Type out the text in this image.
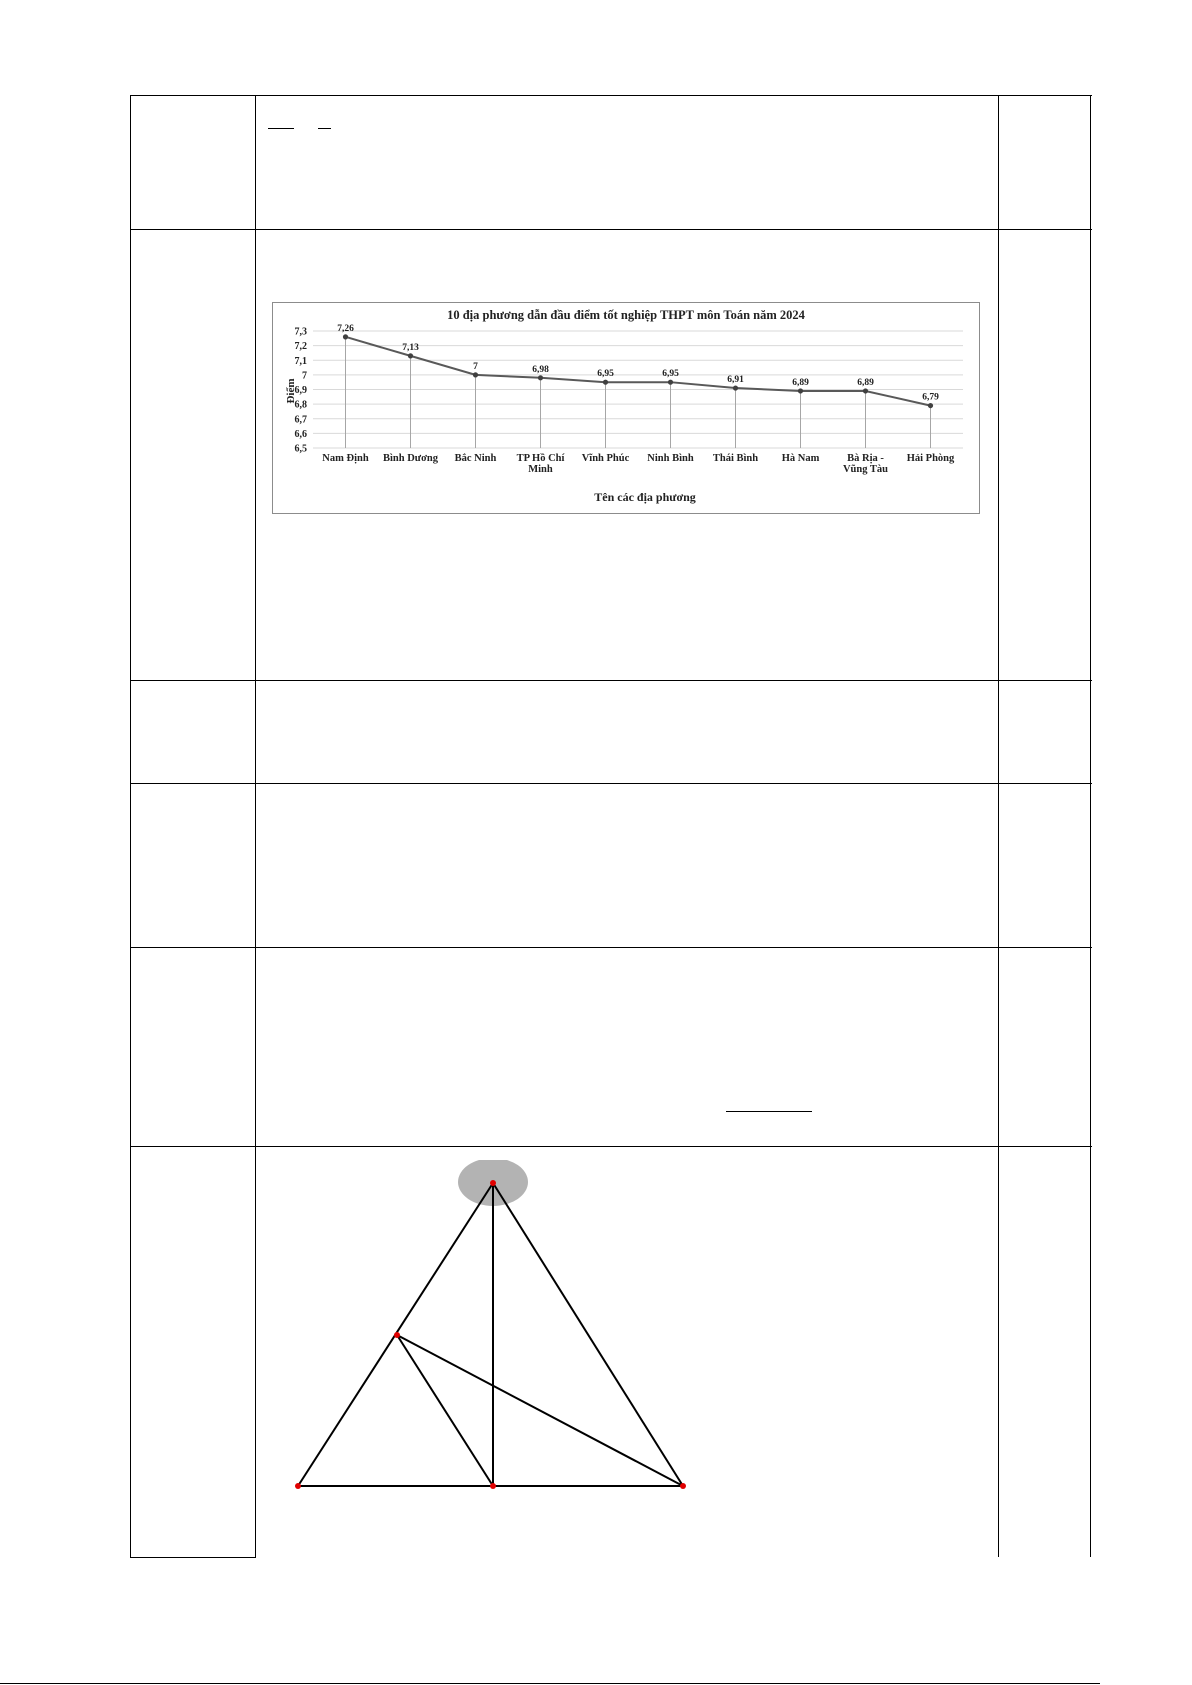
10 địa phương dẫn đầu điểm tốt nghiệp THPT môn Toán năm 2024
Điểm
Tên các địa phương
6,5
6,6
6,7
6,8
6,9
7
7,1
7,2
7,3	7,26
7,13
7	6,98	6,95	6,95
6,91	6,89	6,89
6,79
Nam Định Bình Dương Bắc Ninh TP Hồ Chí
Minh
Vĩnh Phúc Ninh Bình Thái Bình Hà Nam	Bà Rịa -
Vũng Tàu
Hải Phòng
